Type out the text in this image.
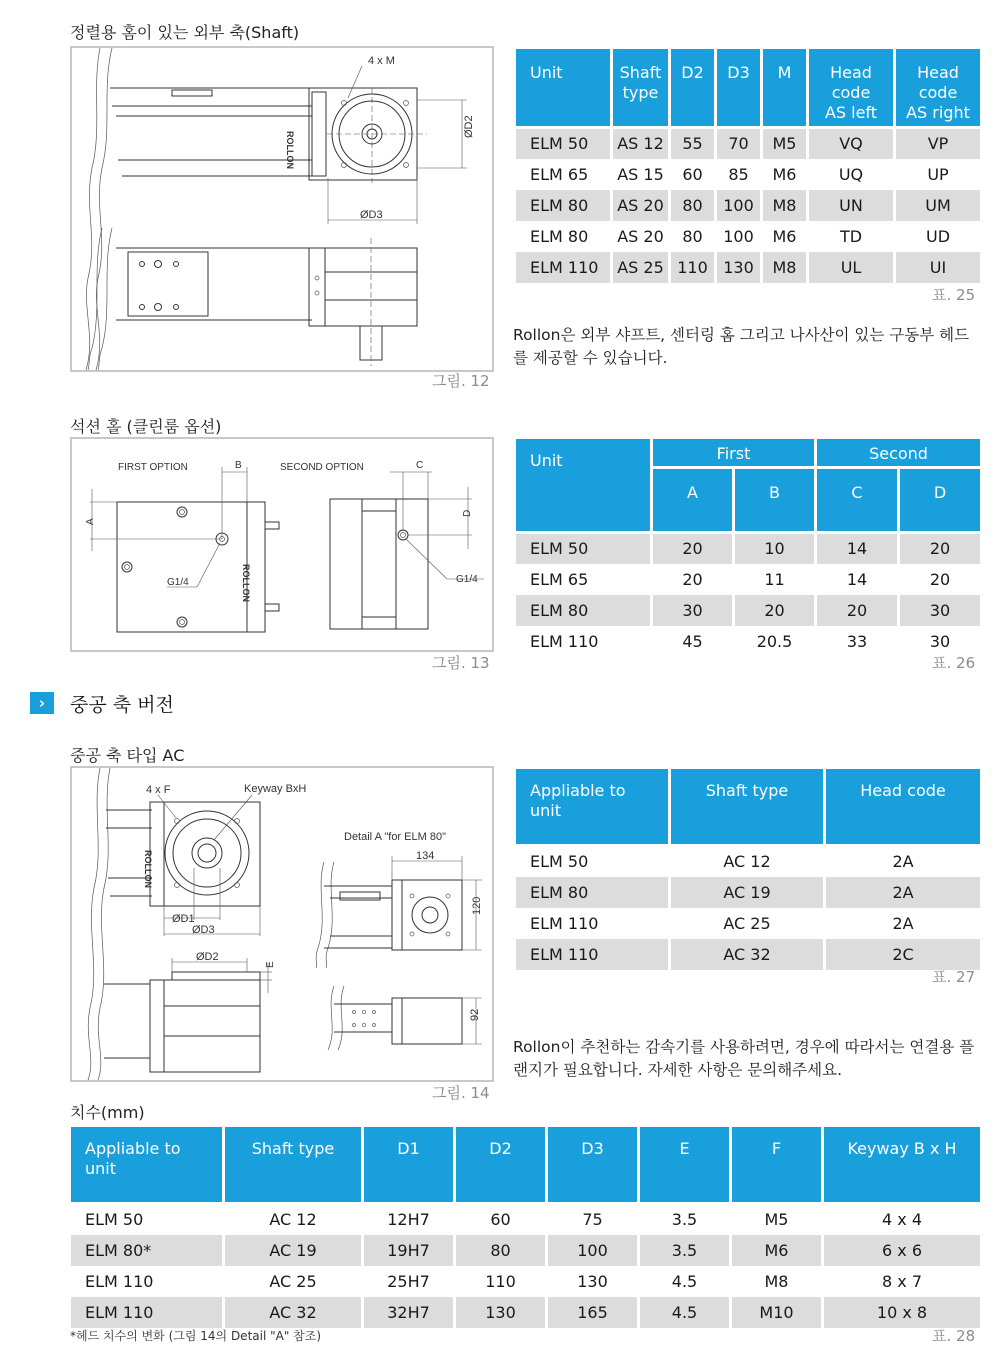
정렬용 홈이 있는 외부 축(Shaft)
ROLLON
4 x M
ØD2
ØD3
그림. 12
Unit	Shaft type	D2	D3	M	Head code AS left	Head code AS right
ELM 50	AS 12	55	70	M5	VQ	VP
ELM 65	AS 15	60	85	M6	UQ	UP
ELM 80	AS 20	80	100	M8	UN	UM
ELM 80	AS 20	80	100	M6	TD	UD
ELM 110	AS 25	110	130	M8	UL	UI
표. 25
Rollon은 외부 샤프트, 센터링 홈 그리고 나사산이 있는 구동부 헤드를 제공할 수 있습니다.
석션 홀 (클린룸 옵션)
FIRST OPTION	SECOND OPTION
B	C
ROLLON
A
G1/4
D
G1/4
그림. 13
Unit	First		Second	
	A	B	C	D
ELM 50	20	10	14	20
ELM 65	20	11	14	20
ELM 80	30	20	20	30
ELM 110	45	20.5	33	30
표. 26
›	중공 축 버전
중공 축 타입 AC
ROLLON
4 x F	Keyway BxH
ØD1
ØD3
ØD2
E
Detail A "for ELM 80"
134
120
92
그림. 14
Appliable to unit	Shaft type	Head code
ELM 50	AC 12	2A
ELM 80	AC 19	2A
ELM 110	AC 25	2A
ELM 110	AC 32	2C
표. 27
Rollon이 추천하는 감속기를 사용하려면, 경우에 따라서는 연결용 플랜지가 필요합니다. 자세한 사항은 문의해주세요.
치수(mm)
Appliable to unit	Shaft type	D1	D2	D3	E	F	Keyway B x H
ELM 50	AC 12	12H7	60	75	3.5	M5	4 x 4
ELM 80*	AC 19	19H7	80	100	3.5	M6	6 x 6
ELM 110	AC 25	25H7	110	130	4.5	M8	8 x 7
ELM 110	AC 32	32H7	130	165	4.5	M10	10 x 8
*헤드 치수의 변화 (그림 14의 Detail "A" 참조)	표. 28
